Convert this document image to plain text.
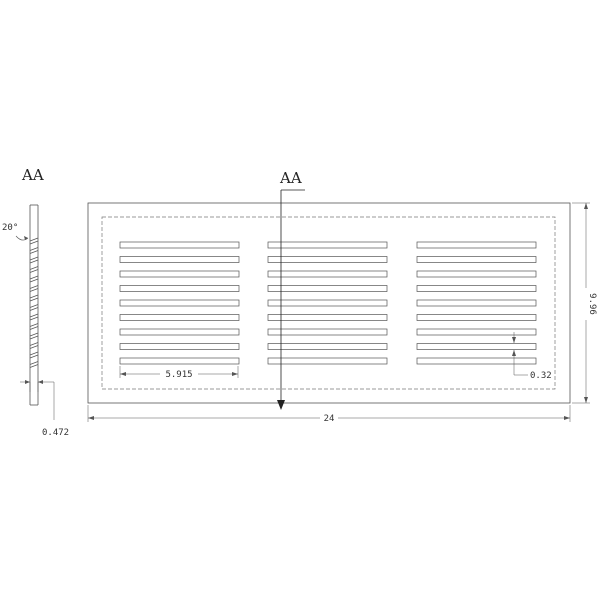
AA
20°
0.472
AA
5.915	0.32
24
9.96
